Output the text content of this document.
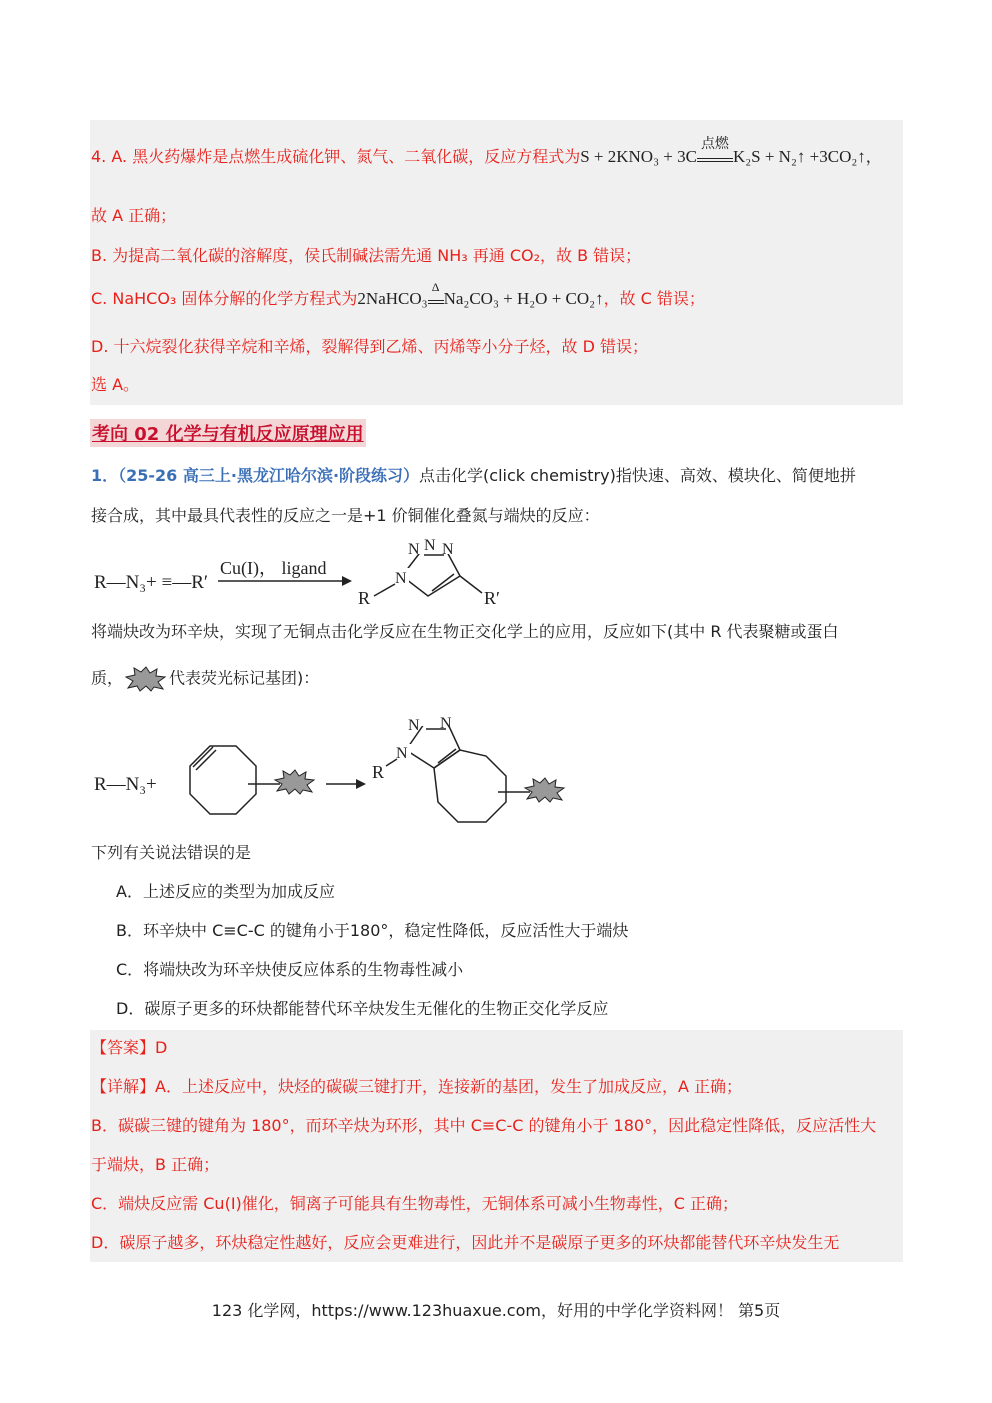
4. A. 黑火药爆炸是点燃生成硫化钾、氮气、二氧化碳，反应方程式为S + 2KNO₃ + 3C
点燃
K₂S + N₂↑ +3CO₂↑，
故 A 正确；
B. 为提高二氧化碳的溶解度，侯氏制碱法需先通 NH₃ 再通 CO₂，故 B 错误；
C. NaHCO₃ 固体分解的化学方程式为2NaHCO₃
Δ
Na₂CO₃ + H₂O + CO₂↑，故 C 错误；
D. 十六烷裂化获得辛烷和辛烯，裂解得到乙烯、丙烯等小分子烃，故 D 错误；
选 A。
考向 02 化学与有机反应原理应用
1．（25-26 高三上·黑龙江哈尔滨·阶段练习）点击化学(click chemistry)指快速、高效、模块化、简便地拼
接合成，其中最具代表性的反应之一是+1 价铜催化叠氮与端炔的反应：
R—N₃+ ≡—R′
Cu(I)， ligand
N N N
N
R	R′
将端炔改为环辛炔，实现了无铜点击化学反应在生物正交化学上的应用，反应如下(其中 R 代表聚糖或蛋白
质，	代表荧光标记基团)：
R—N₃+
N N
N
R
下列有关说法错误的是
A．上述反应的类型为加成反应
B．环辛炔中 C≡C-C 的键角小于180°，稳定性降低，反应活性大于端炔
C．将端炔改为环辛炔使反应体系的生物毒性减小
D．碳原子更多的环炔都能替代环辛炔发生无催化的生物正交化学反应
【答案】D
【详解】A．上述反应中，炔烃的碳碳三键打开，连接新的基团，发生了加成反应，A 正确；
B．碳碳三键的键角为 180°，而环辛炔为环形，其中 C≡C-C 的键角小于 180°，因此稳定性降低，反应活性大
于端炔，B 正确；
C．端炔反应需 Cu(I)催化，铜离子可能具有生物毒性，无铜体系可减小生物毒性，C 正确；
D．碳原子越多，环炔稳定性越好，反应会更难进行，因此并不是碳原子更多的环炔都能替代环辛炔发生无
123 化学网，https://www.123huaxue.com，好用的中学化学资料网！ 第5页
